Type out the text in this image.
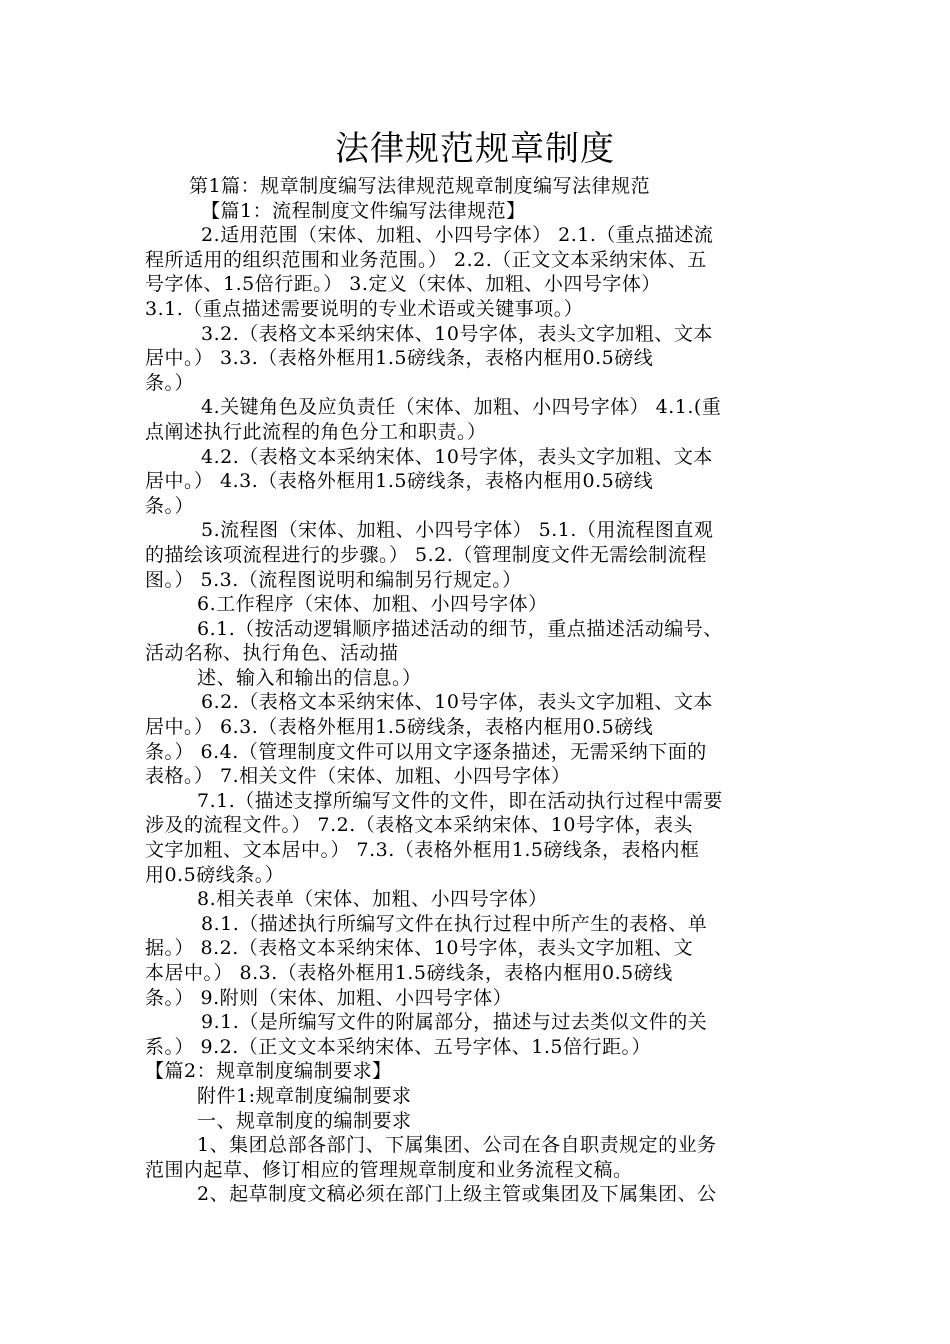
法律规范规章制度
第1篇：规章制度编写法律规范规章制度编写法律规范
【篇1：流程制度文件编写法律规范】
2.适用范围（宋体、加粗、小四号字体） 2.1.（重点描述流
程所适用的组织范围和业务范围。） 2.2.（正文文本采纳宋体、五
号字体、1.5倍行距。） 3.定义（宋体、加粗、小四号字体）
3.1.（重点描述需要说明的专业术语或关键事项。）
3.2.（表格文本采纳宋体、10号字体，表头文字加粗、文本
居中。） 3.3.（表格外框用1.5磅线条，表格内框用0.5磅线
条。）
4.关键角色及应负责任（宋体、加粗、小四号字体） 4.1.(重
点阐述执行此流程的角色分工和职责。）
4.2.（表格文本采纳宋体、10号字体，表头文字加粗、文本
居中。） 4.3.（表格外框用1.5磅线条，表格内框用0.5磅线
条。）
5.流程图（宋体、加粗、小四号字体） 5.1.（用流程图直观
的描绘该项流程进行的步骤。） 5.2.（管理制度文件无需绘制流程
图。） 5.3.（流程图说明和编制另行规定。）
6.工作程序（宋体、加粗、小四号字体）
6.1.（按活动逻辑顺序描述活动的细节，重点描述活动编号、
活动名称、执行角色、活动描
述、输入和输出的信息。）
6.2.（表格文本采纳宋体、10号字体，表头文字加粗、文本
居中。） 6.3.（表格外框用1.5磅线条，表格内框用0.5磅线
条。） 6.4.（管理制度文件可以用文字逐条描述，无需采纳下面的
表格。） 7.相关文件（宋体、加粗、小四号字体）
7.1.（描述支撑所编写文件的文件，即在活动执行过程中需要
涉及的流程文件。） 7.2.（表格文本采纳宋体、10号字体，表头
文字加粗、文本居中。） 7.3.（表格外框用1.5磅线条，表格内框
用0.5磅线条。）
8.相关表单（宋体、加粗、小四号字体）
8.1.（描述执行所编写文件在执行过程中所产生的表格、单
据。） 8.2.（表格文本采纳宋体、10号字体，表头文字加粗、文
本居中。） 8.3.（表格外框用1.5磅线条，表格内框用0.5磅线
条。） 9.附则（宋体、加粗、小四号字体）
9.1.（是所编写文件的附属部分，描述与过去类似文件的关
系。） 9.2.（正文文本采纳宋体、五号字体、1.5倍行距。）
【篇2：规章制度编制要求】
附件1:规章制度编制要求
一、规章制度的编制要求
1、集团总部各部门、下属集团、公司在各自职责规定的业务
范围内起草、修订相应的管理规章制度和业务流程文稿。
2、起草制度文稿必须在部门上级主管或集团及下属集团、公
